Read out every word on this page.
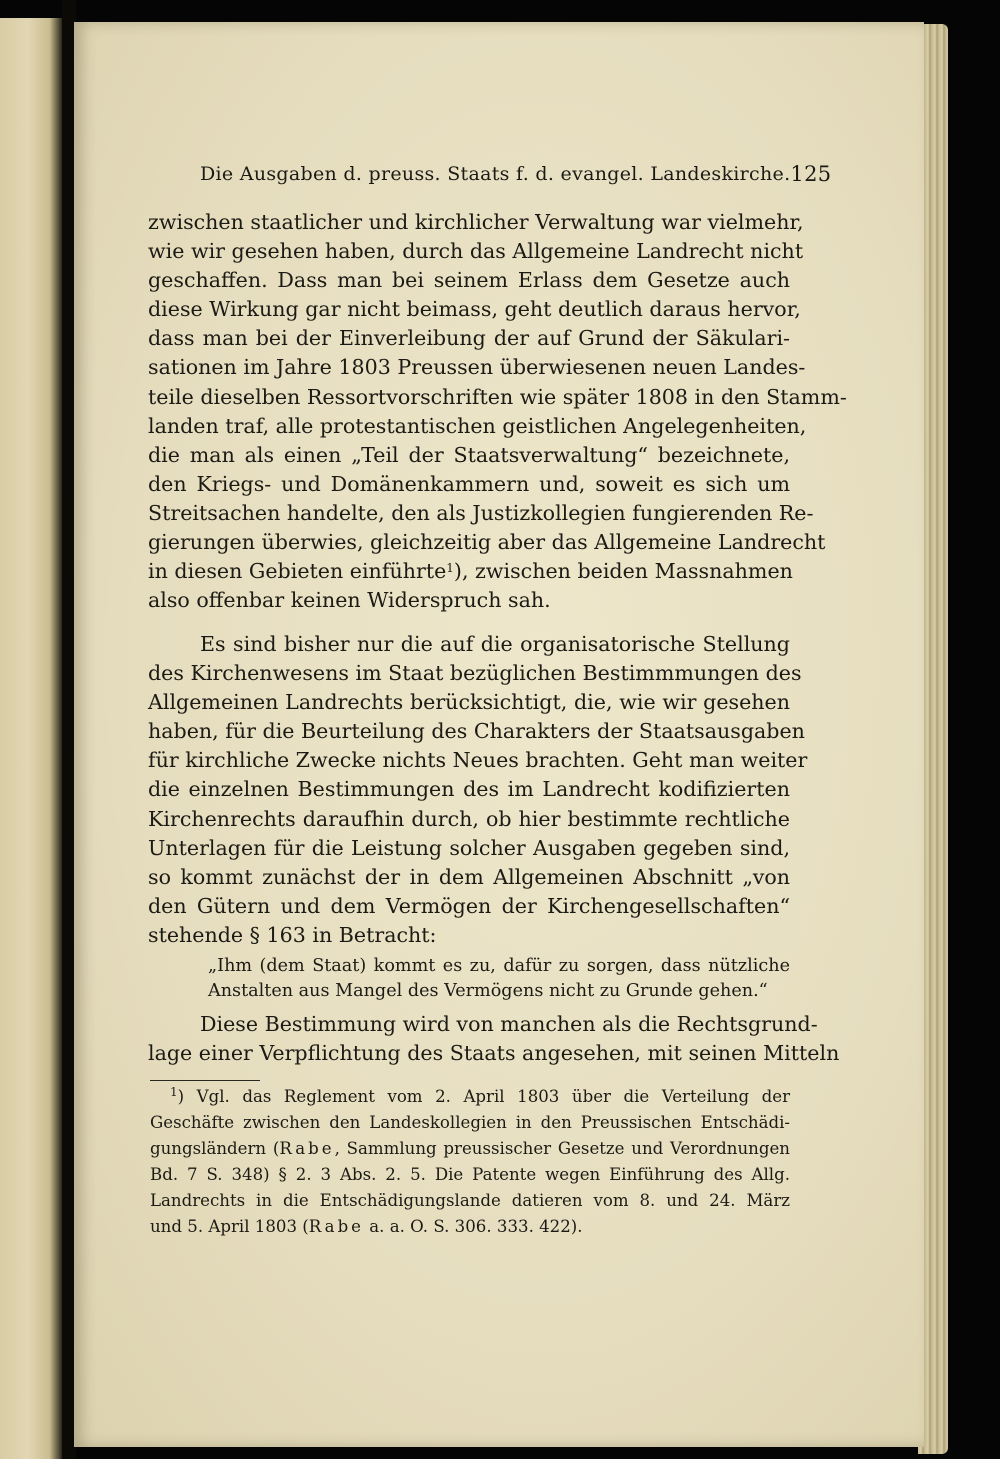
Die Ausgaben d. preuss. Staats f. d. evangel. Landeskirche. 125
zwischen staatlicher und kirchlicher Verwaltung war vielmehr,
wie wir gesehen haben, durch das Allgemeine Landrecht nicht
geschaffen. Dass man bei seinem Erlass dem Gesetze auch
diese Wirkung gar nicht beimass, geht deutlich daraus hervor,
dass man bei der Einverleibung der auf Grund der Säkulari-
sationen im Jahre 1803 Preussen überwiesenen neuen Landes-
teile dieselben Ressortvorschriften wie später 1808 in den Stamm-
landen traf, alle protestantischen geistlichen Angelegenheiten,
die man als einen „Teil der Staatsverwaltung“ bezeichnete,
den Kriegs- und Domänenkammern und, soweit es sich um
Streitsachen handelte, den als Justizkollegien fungierenden Re-
gierungen überwies, gleichzeitig aber das Allgemeine Landrecht
in diesen Gebieten einführte$^1$), zwischen beiden Massnahmen
also offenbar keinen Widerspruch sah.
Es sind bisher nur die auf die organisatorische Stellung
des Kirchenwesens im Staat bezüglichen Bestimmmungen des
Allgemeinen Landrechts berücksichtigt, die, wie wir gesehen
haben, für die Beurteilung des Charakters der Staatsausgaben
für kirchliche Zwecke nichts Neues brachten. Geht man weiter
die einzelnen Bestimmungen des im Landrecht kodifizierten
Kirchenrechts daraufhin durch, ob hier bestimmte rechtliche
Unterlagen für die Leistung solcher Ausgaben gegeben sind,
so kommt zunächst der in dem Allgemeinen Abschnitt „von
den Gütern und dem Vermögen der Kirchengesellschaften“
stehende § 163 in Betracht:
„Ihm (dem Staat) kommt es zu, dafür zu sorgen, dass nützliche
Anstalten aus Mangel des Vermögens nicht zu Grunde gehen.“
Diese Bestimmung wird von manchen als die Rechtsgrund-
lage einer Verpflichtung des Staats angesehen, mit seinen Mitteln
$^1$) Vgl. das Reglement vom 2. April 1803 über die Verteilung der
Geschäfte zwischen den Landeskollegien in den Preussischen Entschädi-
gungsländern (Rabe, Sammlung preussischer Gesetze und Verordnungen
Bd. 7 S. 348) § 2. 3 Abs. 2. 5. Die Patente wegen Einführung des Allg.
Landrechts in die Entschädigungslande datieren vom 8. und 24. März
und 5. April 1803 (Rabe a. a. O. S. 306. 333. 422).
